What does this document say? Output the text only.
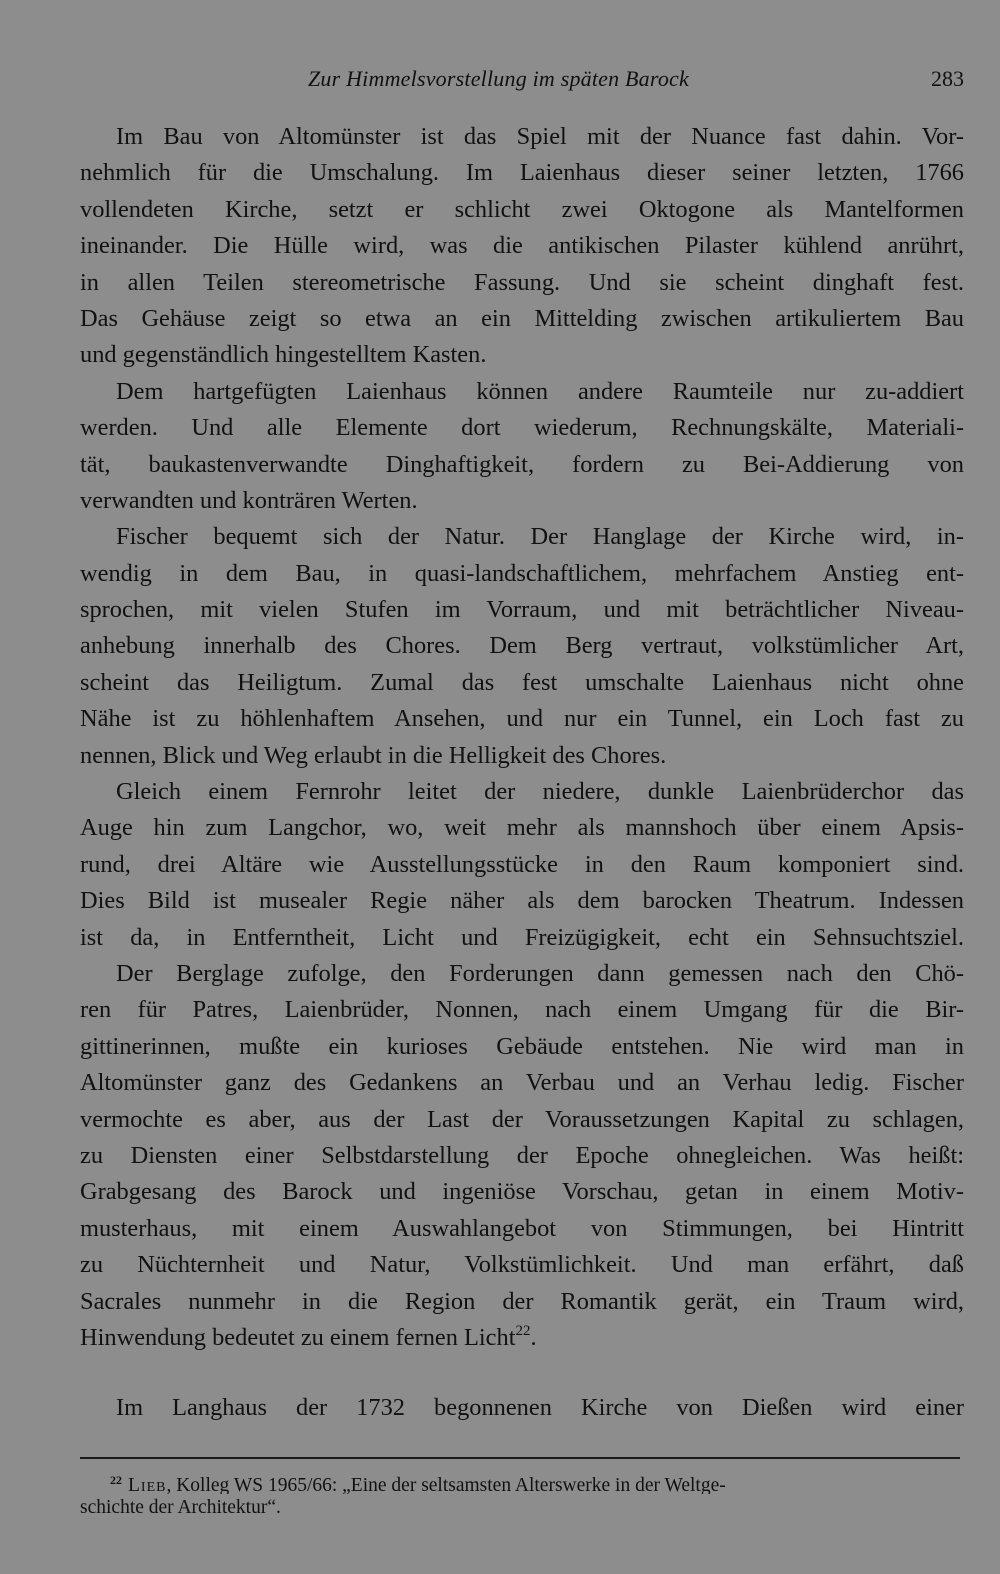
Zur Himmelsvorstellung im späten Barock	283
Im Bau von Altomünster ist das Spiel mit der Nuance fast dahin. Vor-
nehmlich für die Umschalung. Im Laienhaus dieser seiner letzten, 1766
vollendeten Kirche, setzt er schlicht zwei Oktogone als Mantelformen
ineinander. Die Hülle wird, was die antikischen Pilaster kühlend anrührt,
in allen Teilen stereometrische Fassung. Und sie scheint dinghaft fest.
Das Gehäuse zeigt so etwa an ein Mittelding zwischen artikuliertem Bau
und gegenständlich hingestelltem Kasten.
Dem hartgefügten Laienhaus können andere Raumteile nur zu-addiert
werden. Und alle Elemente dort wiederum, Rechnungskälte, Materiali-
tät, baukastenverwandte Dinghaftigkeit, fordern zu Bei-Addierung von
verwandten und konträren Werten.
Fischer bequemt sich der Natur. Der Hanglage der Kirche wird, in-
wendig in dem Bau, in quasi-landschaftlichem, mehrfachem Anstieg ent-
sprochen, mit vielen Stufen im Vorraum, und mit beträchtlicher Niveau-
anhebung innerhalb des Chores. Dem Berg vertraut, volkstümlicher Art,
scheint das Heiligtum. Zumal das fest umschalte Laienhaus nicht ohne
Nähe ist zu höhlenhaftem Ansehen, und nur ein Tunnel, ein Loch fast zu
nennen, Blick und Weg erlaubt in die Helligkeit des Chores.
Gleich einem Fernrohr leitet der niedere, dunkle Laienbrüderchor das
Auge hin zum Langchor, wo, weit mehr als mannshoch über einem Apsis-
rund, drei Altäre wie Ausstellungsstücke in den Raum komponiert sind.
Dies Bild ist musealer Regie näher als dem barocken Theatrum. Indessen
ist da, in Entferntheit, Licht und Freizügigkeit, echt ein Sehnsuchtsziel.
Der Berglage zufolge, den Forderungen dann gemessen nach den Chö-
ren für Patres, Laienbrüder, Nonnen, nach einem Umgang für die Bir-
gittinerinnen, mußte ein kurioses Gebäude entstehen. Nie wird man in
Altomünster ganz des Gedankens an Verbau und an Verhau ledig. Fischer
vermochte es aber, aus der Last der Voraussetzungen Kapital zu schlagen,
zu Diensten einer Selbstdarstellung der Epoche ohnegleichen. Was heißt:
Grabgesang des Barock und ingeniöse Vorschau, getan in einem Motiv-
musterhaus, mit einem Auswahlangebot von Stimmungen, bei Hintritt
zu Nüchternheit und Natur, Volkstümlichkeit. Und man erfährt, daß
Sacrales nunmehr in die Region der Romantik gerät, ein Traum wird,
Hinwendung bedeutet zu einem fernen Licht$^{22}$.
Im Langhaus der 1732 begonnenen Kirche von Dießen wird einer
$^{22}$ Lieb, Kolleg WS 1965/66: „Eine der seltsamsten Alterswerke in der Weltge-
schichte der Architektur“.
